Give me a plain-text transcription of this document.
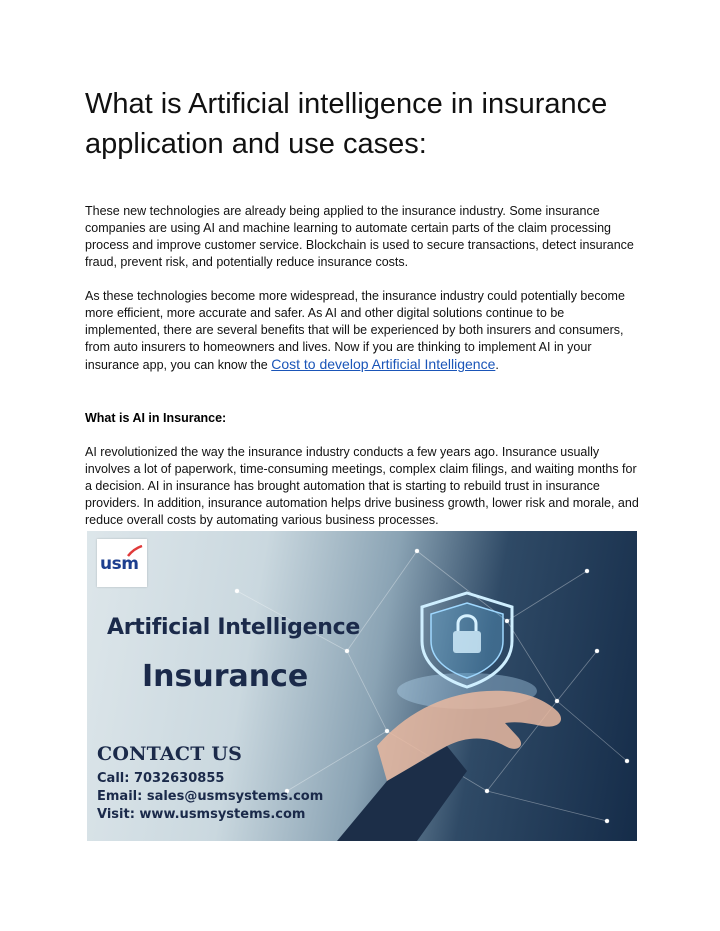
What is Artificial intelligence in insurance application and use cases:

These new technologies are already being applied to the insurance industry. Some insurance companies are using AI and machine learning to automate certain parts of the claim processing process and improve customer service. Blockchain is used to secure transactions, detect insurance fraud, prevent risk, and potentially reduce insurance costs.

As these technologies become more widespread, the insurance industry could potentially become more efficient, more accurate and safer. As AI and other digital solutions continue to be implemented, there are several benefits that will be experienced by both insurers and consumers, from auto insurers to homeowners and lives. Now if you are thinking to implement AI in your insurance app, you can know the Cost to develop Artificial Intelligence.

What is AI in Insurance:

AI revolutionized the way the insurance industry conducts a few years ago. Insurance usually involves a lot of paperwork, time-consuming meetings, complex claim filings, and waiting months for a decision. AI in insurance has brought automation that is starting to rebuild trust in insurance providers. In addition, insurance automation helps drive business growth, lower risk and morale, and reduce overall costs by automating various business processes.

usm
Artificial Intelligence
Insurance
CONTACT US
Call: 7032630855
Email: sales@usmsystems.com
Visit: www.usmsystems.com
